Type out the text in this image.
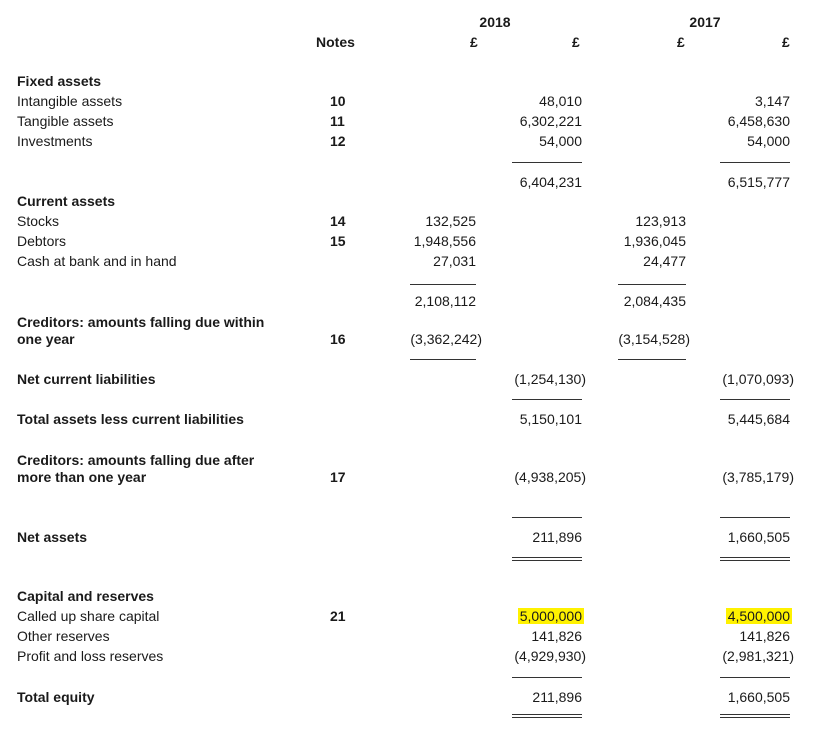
2018	2017
Notes	£	£	£	£
Fixed assets
Intangible assets	10	48,010	3,147
Tangible assets	11	6,302,221	6,458,630
Investments	12	54,000	54,000
6,404,231	6,515,777
Current assets
Stocks	14	132,525	123,913
Debtors	15	1,948,556	1,936,045
Cash at bank and in hand	27,031	24,477
2,108,112	2,084,435
Creditors: amounts falling due within
one year	16	(3,362,242)	(3,154,528)
Net current liabilities	(1,254,130)	(1,070,093)
Total assets less current liabilities	5,150,101	5,445,684
Creditors: amounts falling due after
more than one year	17	(4,938,205)	(3,785,179)
Net assets	211,896	1,660,505
Capital and reserves
Called up share capital	21	5,000,000	4,500,000
Other reserves	141,826	141,826
Profit and loss reserves	(4,929,930)	(2,981,321)
Total equity	211,896	1,660,505
